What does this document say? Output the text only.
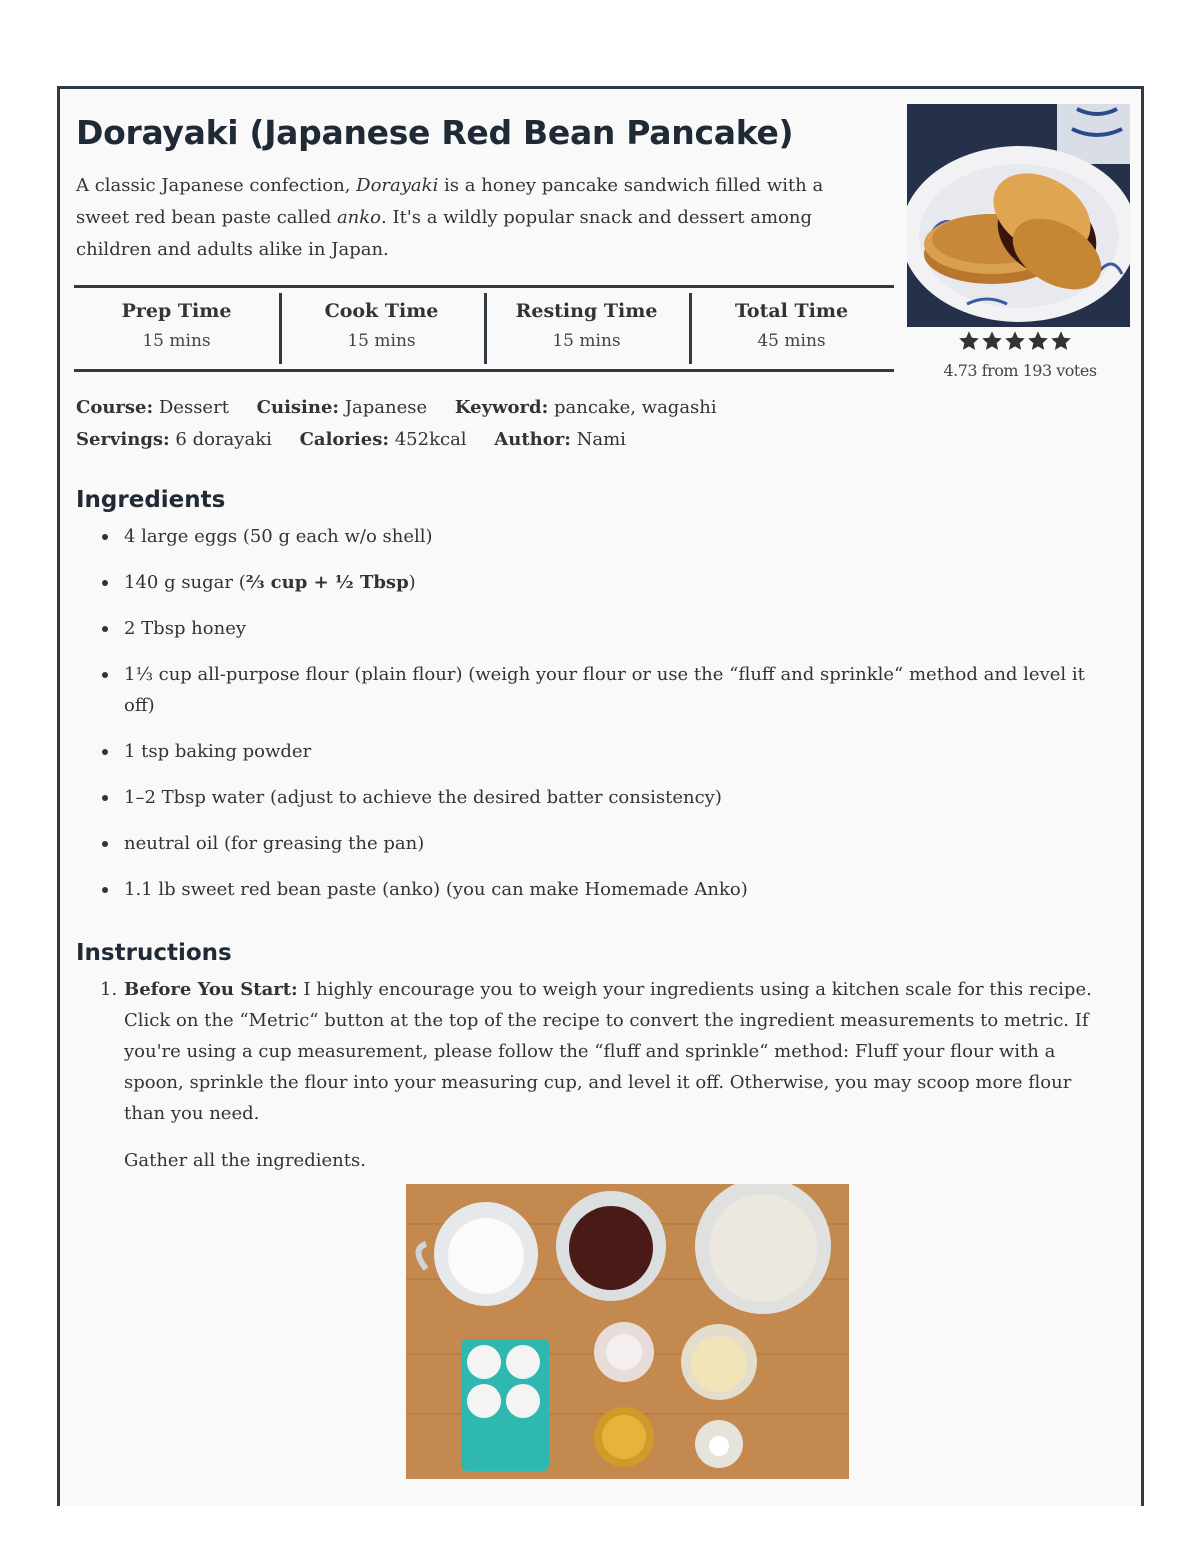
Dorayaki (Japanese Red Bean Pancake)

A classic Japanese confection, Dorayaki is a honey pancake sandwich filled with a sweet red bean paste called anko. It's a wildly popular snack and dessert among children and adults alike in Japan.

4.73 from 193 votes
Prep Time
15 mins
Cook Time
15 mins
Resting Time
15 mins
Total Time
45 mins
Course: Dessert Cuisine: Japanese Keyword: pancake, wagashi
Servings: 6 dorayaki Calories: 452kcal Author: Nami
Ingredients
4 large eggs (50 g each w/o shell)
140 g sugar (⅔ cup + ½ Tbsp)
2 Tbsp honey
1⅓ cup all-purpose flour (plain flour) (weigh your flour or use the “fluff and sprinkle“ method and level it off)
1 tsp baking powder
1–2 Tbsp water (adjust to achieve the desired batter consistency)
neutral oil (for greasing the pan)
1.1 lb sweet red bean paste (anko) (you can make Homemade Anko)
Instructions
1. Before You Start: I highly encourage you to weigh your ingredients using a kitchen scale for this recipe. Click on the “Metric“ button at the top of the recipe to convert the ingredient measurements to metric. If you're using a cup measurement, please follow the “fluff and sprinkle“ method: Fluff your flour with a spoon, sprinkle the flour into your measuring cup, and level it off. Otherwise, you may scoop more flour than you need.
Gather all the ingredients.
